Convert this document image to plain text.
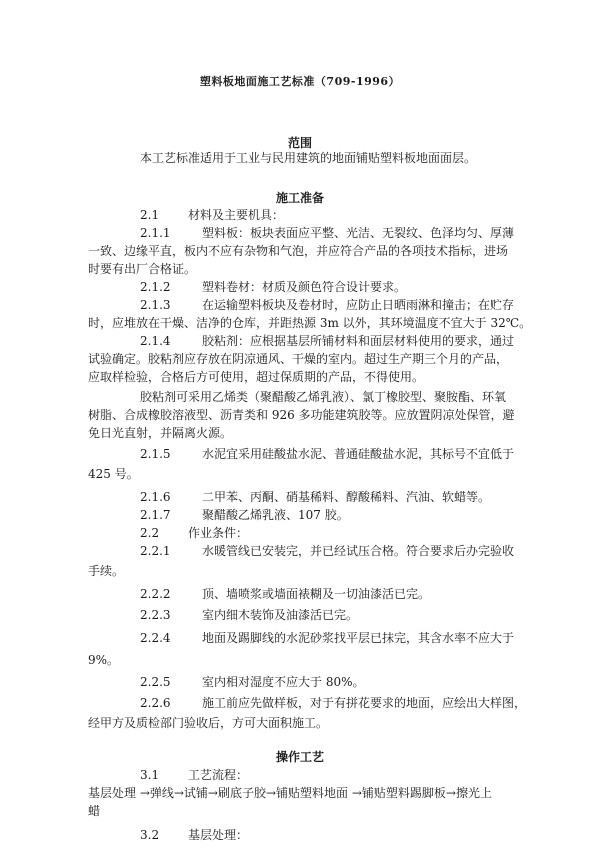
塑料板地面施工艺标准（709-1996）
范围
本工艺标准适用于工业与民用建筑的地面铺贴塑料板地面面层。
施工准备
2.1 材料及主要机具：
2.1.1	塑料板：板块表面应平整、光洁、无裂纹、色泽均匀、厚薄
一致、边缘平直，板内不应有杂物和气泡，并应符合产品的各项技术指标，进场
时要有出厂合格证。
2.1.2	塑料卷材：材质及颜色符合设计要求。
2.1.3	在运输塑料板块及卷材时，应防止日晒雨淋和撞击；在贮存
时，应堆放在干燥、洁净的仓库，并距热源 3m 以外，其环境温度不宜大于 32℃。
2.1.4	胶粘剂：应根据基层所铺材料和面层材料使用的要求，通过
试验确定。胶粘剂应存放在阴凉通风、干燥的室内。超过生产期三个月的产品，
应取样检验，合格后方可使用，超过保质期的产品，不得使用。
胶粘剂可采用乙烯类（聚醋酸乙烯乳液）、氯丁橡胶型、聚胺酯、环氧
树脂、合成橡胶溶液型、沥青类和 926 多功能建筑胶等。应放置阴凉处保管，避
免日光直射，并隔离火源。
2.1.5	水泥宜采用硅酸盐水泥、普通硅酸盐水泥，其标号不宜低于
425 号。
2.1.6	二甲苯、丙酮、硝基稀料、醇酸稀料、汽油、软蜡等。
2.1.7	聚醋酸乙烯乳液、107 胶。
2.2 作业条件：
2.2.1	水暖管线已安装完，并已经试压合格。符合要求后办完验收
手续。
2.2.2	顶、墙喷浆或墙面裱糊及一切油漆活已完。
2.2.3	室内细木装饰及油漆活已完。
2.2.4	地面及踢脚线的水泥砂浆找平层已抹完，其含水率不应大于
9%。
2.2.5	室内相对湿度不应大于 80%。
2.2.6	施工前应先做样板，对于有拼花要求的地面，应绘出大样图，
经甲方及质检部门验收后，方可大面积施工。
操作工艺
3.1 工艺流程：
基层处理 →弹线→试铺→刷底子胶→铺贴塑料地面 →铺贴塑料踢脚板→擦光上
蜡
3.2 基层处理：
